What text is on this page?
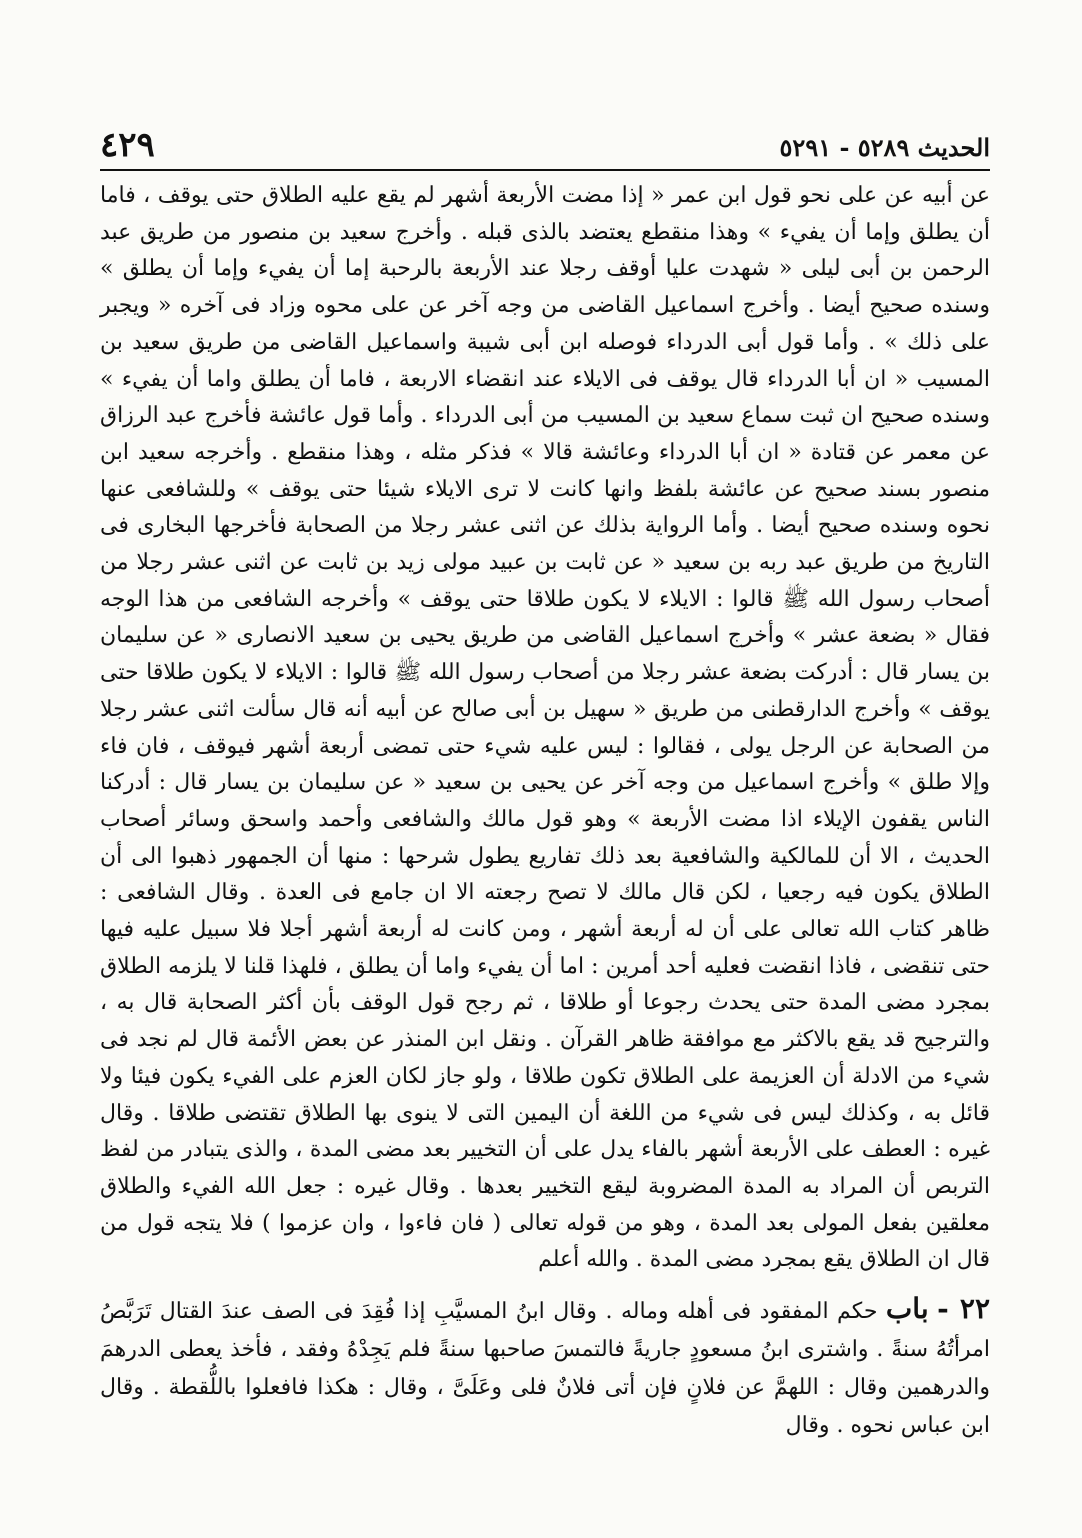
الحديث ٥٢٨٩ - ٥٢٩١
٤٢٩

عن أبيه عن على نحو قول ابن عمر « إذا مضت الأربعة أشهر لم يقع عليه الطلاق حتى يوقف ، فاما أن يطلق وإما أن يفيء » وهذا منقطع يعتضد بالذى قبله . وأخرج سعيد بن منصور من طريق عبد الرحمن بن أبى ليلى « شهدت عليا أوقف رجلا عند الأربعة بالرحبة إما أن يفيء وإما أن يطلق » وسنده صحيح أيضا . وأخرج اسماعيل القاضى من وجه آخر عن على محوه وزاد فى آخره « ويجبر على ذلك » . وأما قول أبى الدرداء فوصله ابن أبى شيبة واسماعيل القاضى من طريق سعيد بن المسيب « ان أبا الدرداء قال يوقف فى الايلاء عند انقضاء الاربعة ، فاما أن يطلق واما أن يفيء » وسنده صحيح ان ثبت سماع سعيد بن المسيب من أبى الدرداء . وأما قول عائشة فأخرج عبد الرزاق عن معمر عن قتادة « ان أبا الدرداء وعائشة قالا » فذكر مثله ، وهذا منقطع . وأخرجه سعيد ابن منصور بسند صحيح عن عائشة بلفظ وانها كانت لا ترى الايلاء شيئا حتى يوقف » وللشافعى عنها نحوه وسنده صحيح أيضا . وأما الرواية بذلك عن اثنى عشر رجلا من الصحابة فأخرجها البخارى فى التاريخ من طريق عبد ربه بن سعيد « عن ثابت بن عبيد مولى زيد بن ثابت عن اثنى عشر رجلا من أصحاب رسول الله ﷺ قالوا : الايلاء لا يكون طلاقا حتى يوقف » وأخرجه الشافعى من هذا الوجه فقال « بضعة عشر » وأخرج اسماعيل القاضى من طريق يحيى بن سعيد الانصارى « عن سليمان بن يسار قال : أدركت بضعة عشر رجلا من أصحاب رسول الله ﷺ قالوا : الايلاء لا يكون طلاقا حتى يوقف » وأخرج الدارقطنى من طريق « سهيل بن أبى صالح عن أبيه أنه قال سألت اثنى عشر رجلا من الصحابة عن الرجل يولى ، فقالوا : ليس عليه شيء حتى تمضى أربعة أشهر فيوقف ، فان فاء وإلا طلق » وأخرج اسماعيل من وجه آخر عن يحيى بن سعيد « عن سليمان بن يسار قال : أدركنا الناس يقفون الإيلاء اذا مضت الأربعة » وهو قول مالك والشافعى وأحمد واسحق وسائر أصحاب الحديث ، الا أن للمالكية والشافعية بعد ذلك تفاريع يطول شرحها : منها أن الجمهور ذهبوا الى أن الطلاق يكون فيه رجعيا ، لكن قال مالك لا تصح رجعته الا ان جامع فى العدة . وقال الشافعى : ظاهر كتاب الله تعالى على أن له أربعة أشهر ، ومن كانت له أربعة أشهر أجلا فلا سبيل عليه فيها حتى تنقضى ، فاذا انقضت فعليه أحد أمرين : اما أن يفيء واما أن يطلق ، فلهذا قلنا لا يلزمه الطلاق بمجرد مضى المدة حتى يحدث رجوعا أو طلاقا ، ثم رجح قول الوقف بأن أكثر الصحابة قال به ، والترجيح قد يقع بالاكثر مع موافقة ظاهر القرآن . ونقل ابن المنذر عن بعض الأئمة قال لم نجد فى شيء من الادلة أن العزيمة على الطلاق تكون طلاقا ، ولو جاز لكان العزم على الفيء يكون فيئا ولا قائل به ، وكذلك ليس فى شيء من اللغة أن اليمين التى لا ينوى بها الطلاق تقتضى طلاقا . وقال غيره : العطف على الأربعة أشهر بالفاء يدل على أن التخيير بعد مضى المدة ، والذى يتبادر من لفظ التربص أن المراد به المدة المضروبة ليقع التخيير بعدها . وقال غيره : جعل الله الفيء والطلاق معلقين بفعل المولى بعد المدة ، وهو من قوله تعالى ( فان فاءوا ، وان عزموا ) فلا يتجه قول من قال ان الطلاق يقع بمجرد مضى المدة . والله أعلم

٢٢ - باب حكم المفقود فى أهله وماله . وقال ابنُ المسيَّبِ إذا فُقِدَ فى الصف عندَ القتال تَرَبَّصُ امرأتُهُ سنةً . واشترى ابنُ مسعودٍ جاريةً فالتمسَ صاحبها سنةً فلم يَجِدْهُ وفقد ، فأخذ يعطى الدرهمَ والدرهمين وقال : اللهمَّ عن فلانٍ فإن أتى فلانٌ فلى وعَلَىَّ ، وقال : هكذا فافعلوا باللُّقطة . وقال ابن عباس نحوه . وقال
